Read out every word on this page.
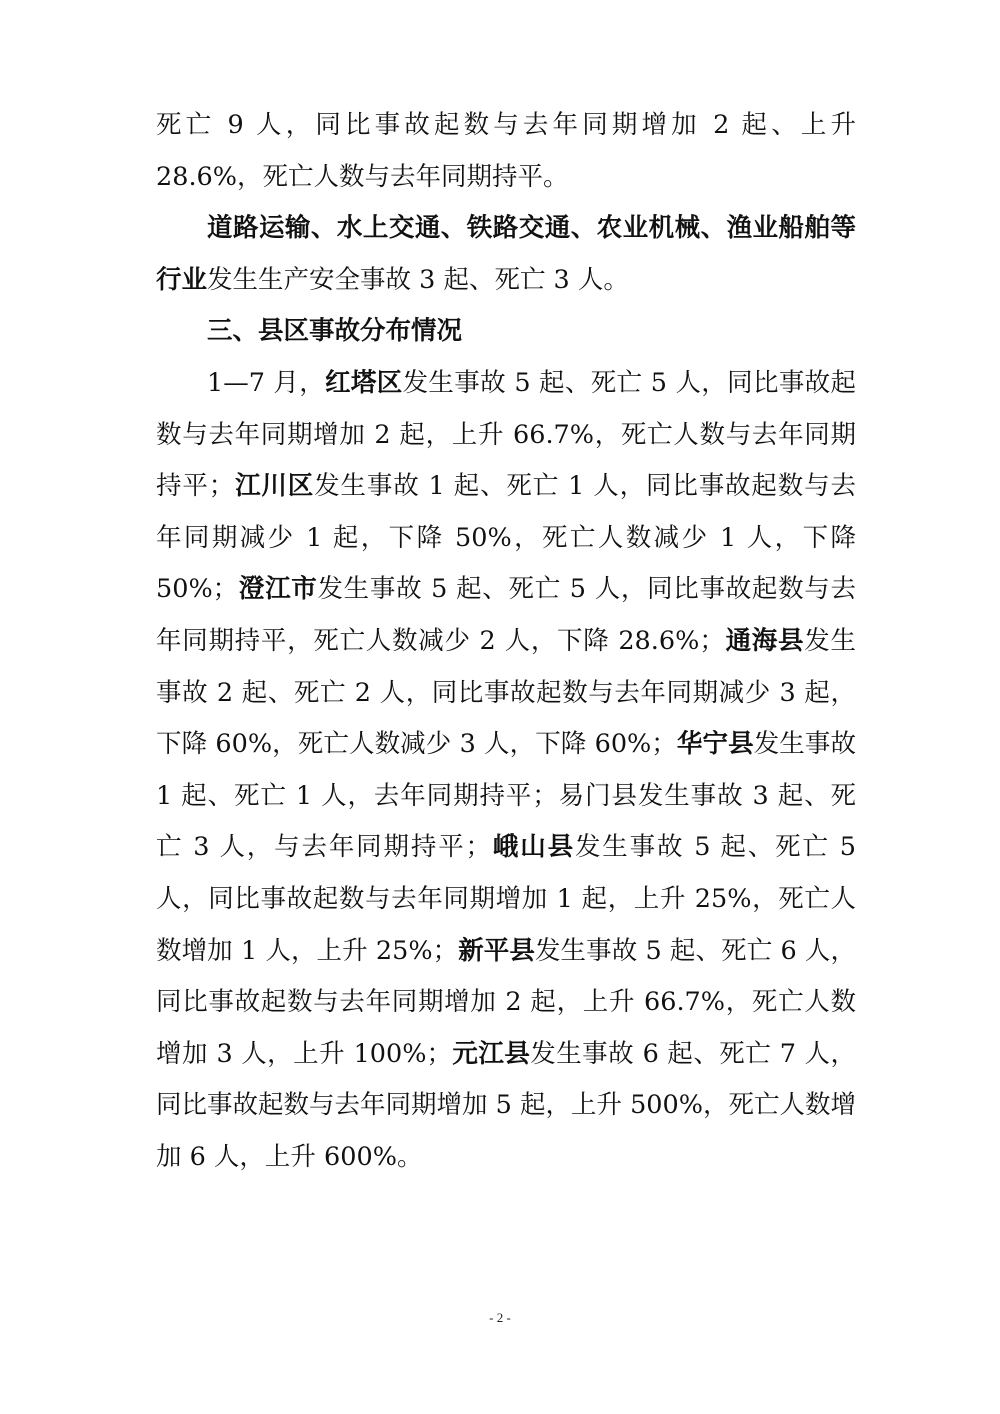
死亡 9 人，同比事故起数与去年同期增加 2 起、上升 28.6%，死亡人数与去年同期持平。

道路运输、水上交通、铁路交通、农业机械、渔业船舶等行业发生生产安全事故 3 起、死亡 3 人。

三、县区事故分布情况

1—7 月，红塔区发生事故 5 起、死亡 5 人，同比事故起数与去年同期增加 2 起，上升 66.7%，死亡人数与去年同期持平；江川区发生事故 1 起、死亡 1 人，同比事故起数与去年同期减少 1 起，下降 50%，死亡人数减少 1 人，下降 50%；澄江市发生事故 5 起、死亡 5 人，同比事故起数与去年同期持平，死亡人数减少 2 人，下降 28.6%；通海县发生事故 2 起、死亡 2 人，同比事故起数与去年同期减少 3 起，下降 60%，死亡人数减少 3 人，下降 60%；华宁县发生事故 1 起、死亡 1 人，去年同期持平；易门县发生事故 3 起、死亡 3 人，与去年同期持平；峨山县发生事故 5 起、死亡 5 人，同比事故起数与去年同期增加 1 起，上升 25%，死亡人数增加 1 人，上升 25%；新平县发生事故 5 起、死亡 6 人，同比事故起数与去年同期增加 2 起，上升 66.7%，死亡人数增加 3 人，上升 100%；元江县发生事故 6 起、死亡 7 人，同比事故起数与去年同期增加 5 起，上升 500%，死亡人数增加 6 人，上升 600%。

- 2 -
